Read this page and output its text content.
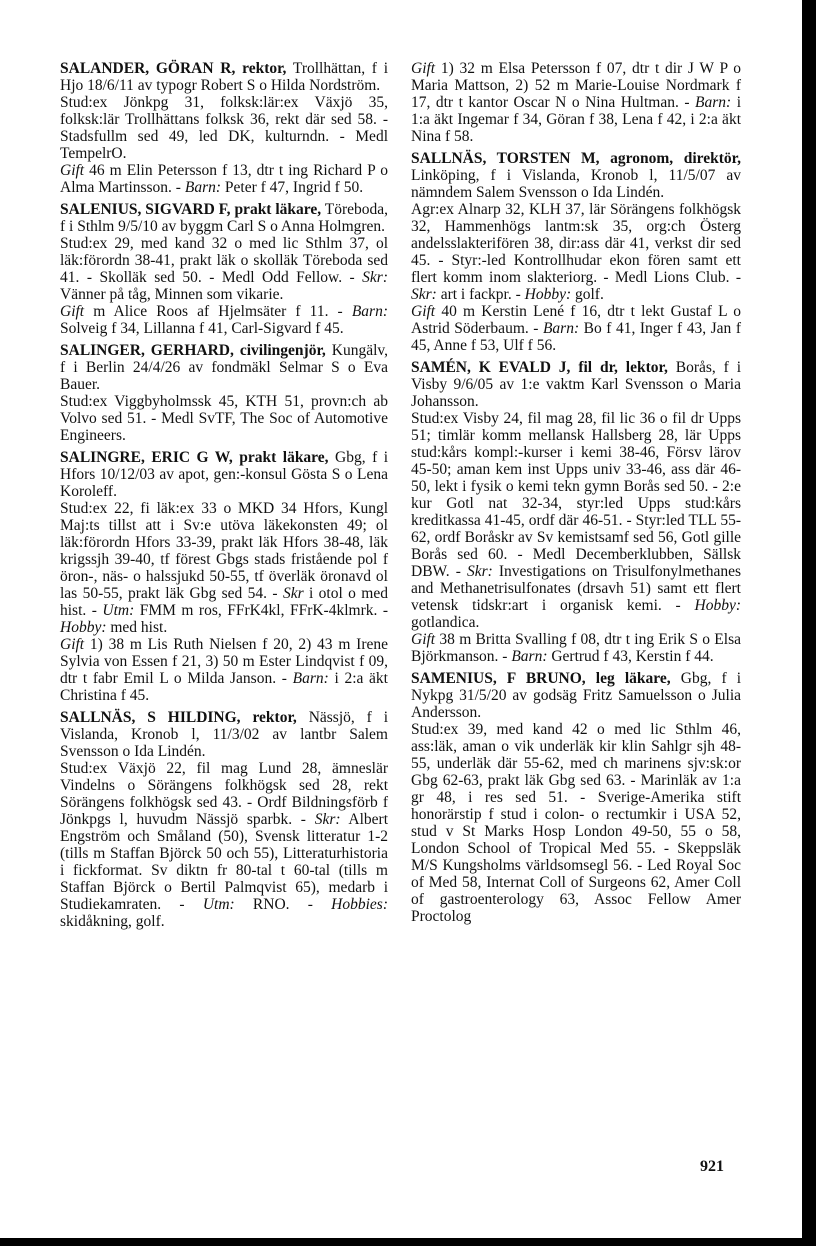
SALANDER, GÖRAN R, rektor, Trollhättan, f i Hjo 18/6/11 av typogr Robert S o Hilda Nordström.

Stud:ex Jönkpg 31, folksk:lär:ex Växjö 35, folksk:lär Trollhättans folksk 36, rekt där sed 58. - Stadsfullm sed 49, led DK, kulturndn. - Medl TempelrO.

Gift 46 m Elin Petersson f 13, dtr t ing Richard P o Alma Martinsson. - Barn: Peter f 47, Ingrid f 50.

SALENIUS, SIGVARD F, prakt läkare, Töreboda, f i Sthlm 9/5/10 av byggm Carl S o Anna Holmgren.

Stud:ex 29, med kand 32 o med lic Sthlm 37, ol läk:förordn 38-41, prakt läk o skolläk Töreboda sed 41. - Skolläk sed 50. - Medl Odd Fellow. - Skr: Vänner på tåg, Minnen som vikarie.

Gift m Alice Roos af Hjelmsäter f 11. - Barn: Solveig f 34, Lillanna f 41, Carl-Sigvard f 45.

SALINGER, GERHARD, civilingenjör, Kungälv, f i Berlin 24/4/26 av fondmäkl Selmar S o Eva Bauer.

Stud:ex Viggbyholmssk 45, KTH 51, provn:ch ab Volvo sed 51. - Medl SvTF, The Soc of Automotive Engineers.

SALINGRE, ERIC G W, prakt läkare, Gbg, f i Hfors 10/12/03 av apot, gen:-konsul Gösta S o Lena Koroleff.

Stud:ex 22, fi läk:ex 33 o MKD 34 Hfors, Kungl Maj:ts tillst att i Sv:e utöva läkekonsten 49; ol läk:förordn Hfors 33-39, prakt läk Hfors 38-48, läk krigssjh 39-40, tf förest Gbgs stads fristående pol f öron-, näs- o halssjukd 50-55, tf överläk öronavd ol las 50-55, prakt läk Gbg sed 54. - Skr i otol o med hist. - Utm: FMM m ros, FFrK4kl, FFrK-4klmrk. - Hobby: med hist.

Gift 1) 38 m Lis Ruth Nielsen f 20, 2) 43 m Irene Sylvia von Essen f 21, 3) 50 m Ester Lindqvist f 09, dtr t fabr Emil L o Milda Janson. - Barn: i 2:a äkt Christina f 45.

SALLNÄS, S HILDING, rektor, Nässjö, f i Vislanda, Kronob l, 11/3/02 av lantbr Salem Svensson o Ida Lindén.

Stud:ex Växjö 22, fil mag Lund 28, ämneslär Vindelns o Sörängens folkhögsk sed 28, rekt Sörängens folkhögsk sed 43. - Ordf Bildningsförb f Jönkpgs l, huvudm Nässjö sparbk. - Skr: Albert Engström och Småland (50), Svensk litteratur 1-2 (tills m Staffan Björck 50 och 55), Litteraturhistoria i fickformat. Sv diktn fr 80-tal t 60-tal (tills m Staffan Björck o Bertil Palmqvist 65), medarb i Studiekamraten. - Utm: RNO. - Hobbies: skidåkning, golf.

Gift 1) 32 m Elsa Petersson f 07, dtr t dir J W P o Maria Mattson, 2) 52 m Marie-Louise Nordmark f 17, dtr t kantor Oscar N o Nina Hultman. - Barn: i 1:a äkt Ingemar f 34, Göran f 38, Lena f 42, i 2:a äkt Nina f 58.

SALLNÄS, TORSTEN M, agronom, direktör, Linköping, f i Vislanda, Kronob l, 11/5/07 av nämndem Salem Svensson o Ida Lindén.

Agr:ex Alnarp 32, KLH 37, lär Sörängens folkhögsk 32, Hammenhögs lantm:sk 35, org:ch Österg andelsslakterifören 38, dir:ass där 41, verkst dir sed 45. - Styr:-led Kontrollhudar ekon fören samt ett flert komm inom slakteriorg. - Medl Lions Club. - Skr: art i fackpr. - Hobby: golf.

Gift 40 m Kerstin Lené f 16, dtr t lekt Gustaf L o Astrid Söderbaum. - Barn: Bo f 41, Inger f 43, Jan f 45, Anne f 53, Ulf f 56.

SAMÉN, K EVALD J, fil dr, lektor, Borås, f i Visby 9/6/05 av 1:e vaktm Karl Svensson o Maria Johansson.

Stud:ex Visby 24, fil mag 28, fil lic 36 o fil dr Upps 51; timlär komm mellansk Hallsberg 28, lär Upps stud:kårs kompl:-kurser i kemi 38-46, Försv lärov 45-50; aman kem inst Upps univ 33-46, ass där 46-50, lekt i fysik o kemi tekn gymn Borås sed 50. - 2:e kur Gotl nat 32-34, styr:led Upps stud:kårs kreditkassa 41-45, ordf där 46-51. - Styr:led TLL 55-62, ordf Boråskr av Sv kemistsamf sed 56, Gotl gille Borås sed 60. - Medl Decemberklubben, Sällsk DBW. - Skr: Investigations on Trisulfonylmethanes and Methanetrisulfonates (drsavh 51) samt ett flert vetensk tidskr:art i organisk kemi. - Hobby: gotlandica.

Gift 38 m Britta Svalling f 08, dtr t ing Erik S o Elsa Björkmanson. - Barn: Gertrud f 43, Kerstin f 44.

SAMENIUS, F BRUNO, leg läkare, Gbg, f i Nykpg 31/5/20 av godsäg Fritz Samuelsson o Julia Andersson.

Stud:ex 39, med kand 42 o med lic Sthlm 46, ass:läk, aman o vik underläk kir klin Sahlgr sjh 48-55, underläk där 55-62, med ch marinens sjv:sk:or Gbg 62-63, prakt läk Gbg sed 63. - Marinläk av 1:a gr 48, i res sed 51. - Sverige-Amerika stift honorärstip f stud i colon- o rectumkir i USA 52, stud v St Marks Hosp London 49-50, 55 o 58, London School of Tropical Med 55. - Skeppsläk M/S Kungsholms världsomsegl 56. - Led Royal Soc of Med 58, Internat Coll of Surgeons 62, Amer Coll of gastroenterology 63, Assoc Fellow Amer Proctolog

921
